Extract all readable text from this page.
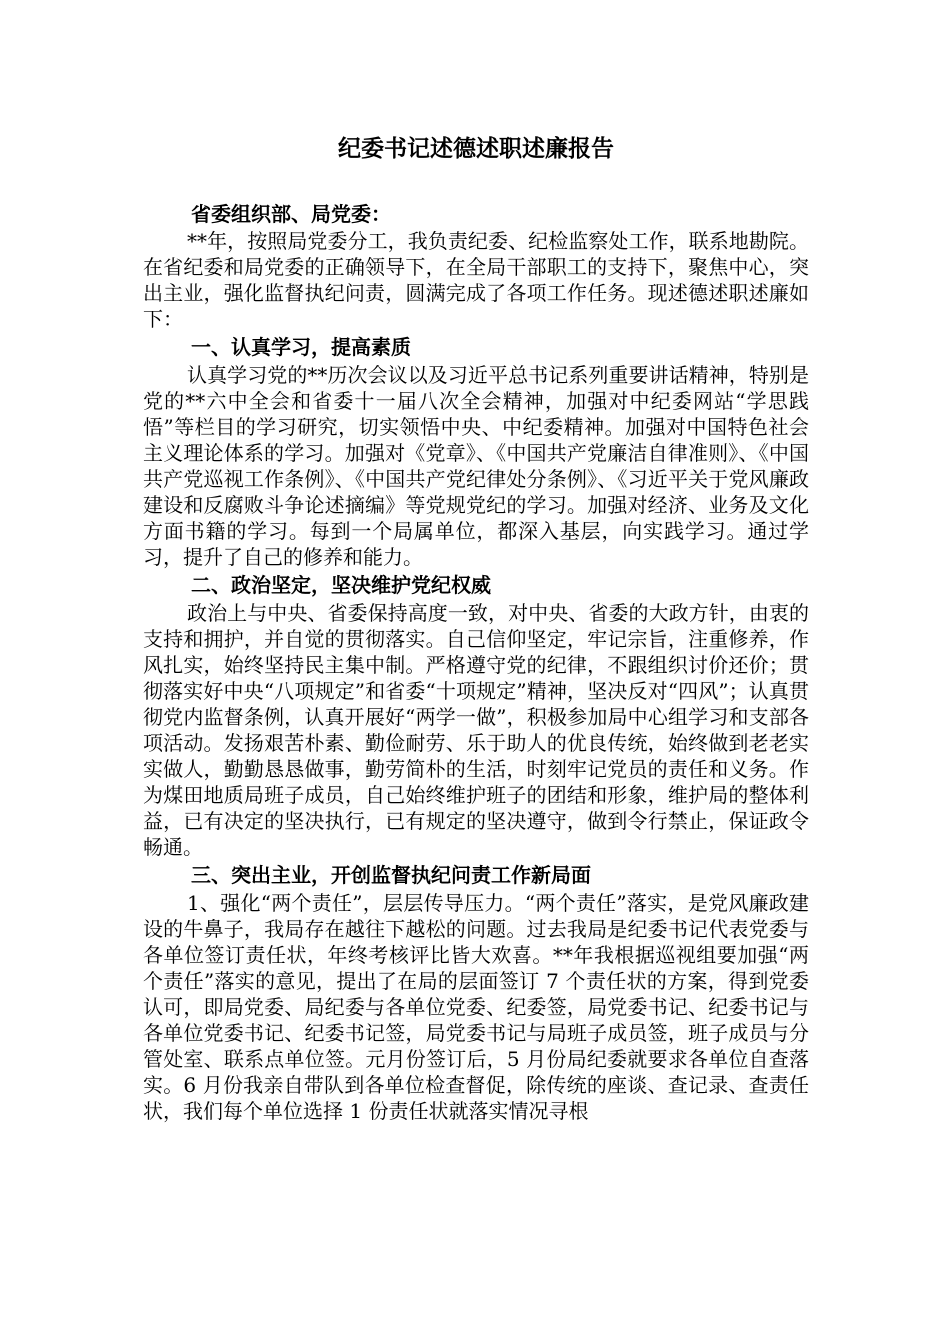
纪委书记述德述职述廉报告

省委组织部、局党委：

**年，按照局党委分工，我负责纪委、纪检监察处工作，联系地勘院。在省纪委和局党委的正确领导下，在全局干部职工的支持下，聚焦中心，突出主业，强化监督执纪问责，圆满完成了各项工作任务。现述德述职述廉如下：

一、认真学习，提高素质

认真学习党的**历次会议以及习近平总书记系列重要讲话精神，特别是党的**六中全会和省委十一届八次全会精神，加强对中纪委网站“学思践悟”等栏目的学习研究，切实领悟中央、中纪委精神。加强对中国特色社会主义理论体系的学习。加强对《党章》、《中国共产党廉洁自律准则》、《中国共产党巡视工作条例》、《中国共产党纪律处分条例》、《习近平关于党风廉政建设和反腐败斗争论述摘编》等党规党纪的学习。加强对经济、业务及文化方面书籍的学习。每到一个局属单位，都深入基层，向实践学习。通过学习，提升了自己的修养和能力。

二、政治坚定，坚决维护党纪权威

政治上与中央、省委保持高度一致，对中央、省委的大政方针，由衷的支持和拥护，并自觉的贯彻落实。自己信仰坚定，牢记宗旨，注重修养，作风扎实，始终坚持民主集中制。严格遵守党的纪律，不跟组织讨价还价；贯彻落实好中央“八项规定”和省委“十项规定”精神，坚决反对“四风”；认真贯彻党内监督条例，认真开展好“两学一做”，积极参加局中心组学习和支部各项活动。发扬艰苦朴素、勤俭耐劳、乐于助人的优良传统，始终做到老老实实做人，勤勤恳恳做事，勤劳简朴的生活，时刻牢记党员的责任和义务。作为煤田地质局班子成员，自己始终维护班子的团结和形象，维护局的整体利益，已有决定的坚决执行，已有规定的坚决遵守，做到令行禁止，保证政令畅通。

三、突出主业，开创监督执纪问责工作新局面

1、强化“两个责任”，层层传导压力。“两个责任”落实，是党风廉政建设的牛鼻子，我局存在越往下越松的问题。过去我局是纪委书记代表党委与各单位签订责任状，年终考核评比皆大欢喜。**年我根据巡视组要加强“两个责任”落实的意见，提出了在局的层面签订 7 个责任状的方案，得到党委认可，即局党委、局纪委与各单位党委、纪委签，局党委书记、纪委书记与各单位党委书记、纪委书记签，局党委书记与局班子成员签，班子成员与分管处室、联系点单位签。元月份签订后，5 月份局纪委就要求各单位自查落实。6 月份我亲自带队到各单位检查督促，除传统的座谈、查记录、查责任状，我们每个单位选择 1 份责任状就落实情况寻根
